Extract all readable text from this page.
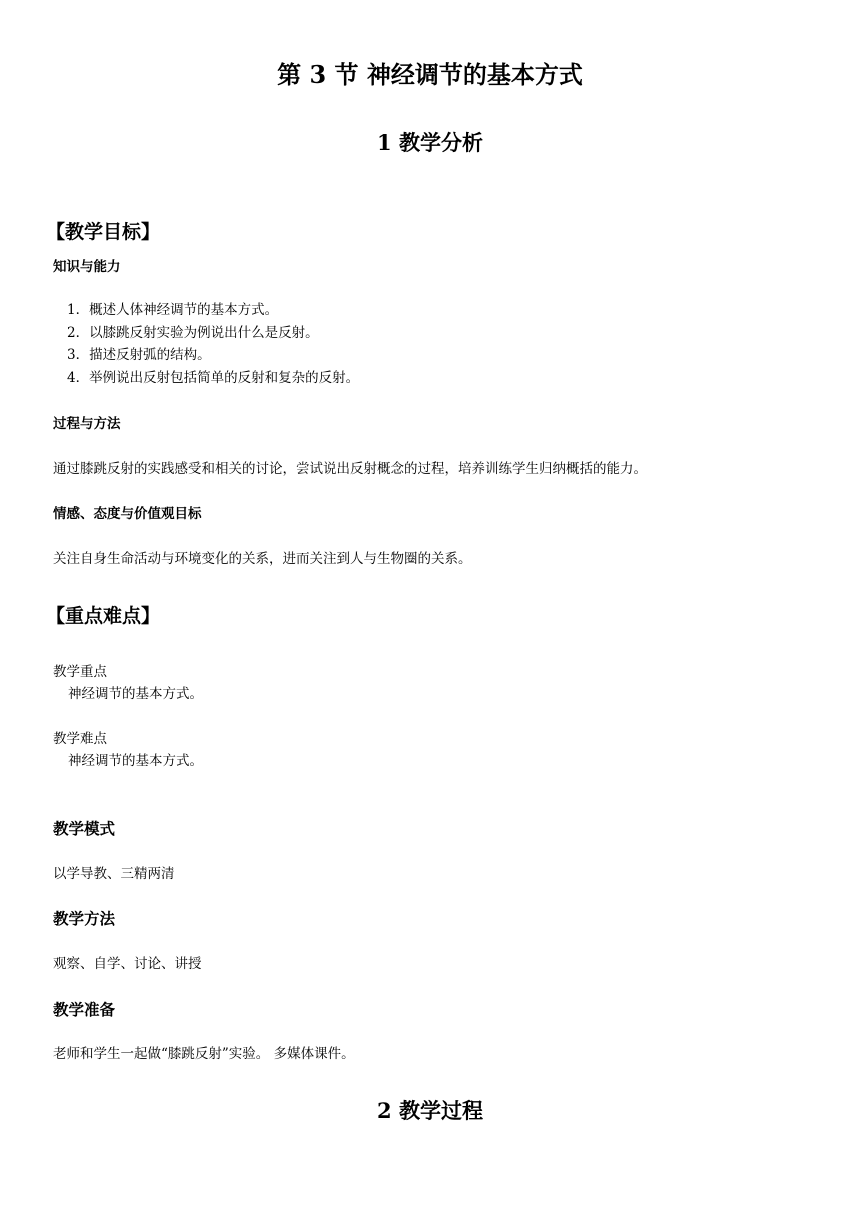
第 3 节 神经调节的基本方式
1 教学分析
【教学目标】
知识与能力
1．概述人体神经调节的基本方式。
2．以膝跳反射实验为例说出什么是反射。
3．描述反射弧的结构。
4．举例说出反射包括简单的反射和复杂的反射。
过程与方法
通过膝跳反射的实践感受和相关的讨论，尝试说出反射概念的过程，培养训练学生归纳概括的能力。
情感、态度与价值观目标
关注自身生命活动与环境变化的关系，进而关注到人与生物圈的关系。
【重点难点】
教学重点
神经调节的基本方式。
教学难点
神经调节的基本方式。
教学模式
以学导教、三精两清
教学方法
观察、自学、讨论、讲授
教学准备
老师和学生一起做“膝跳反射”实验。 多媒体课件。
2 教学过程
